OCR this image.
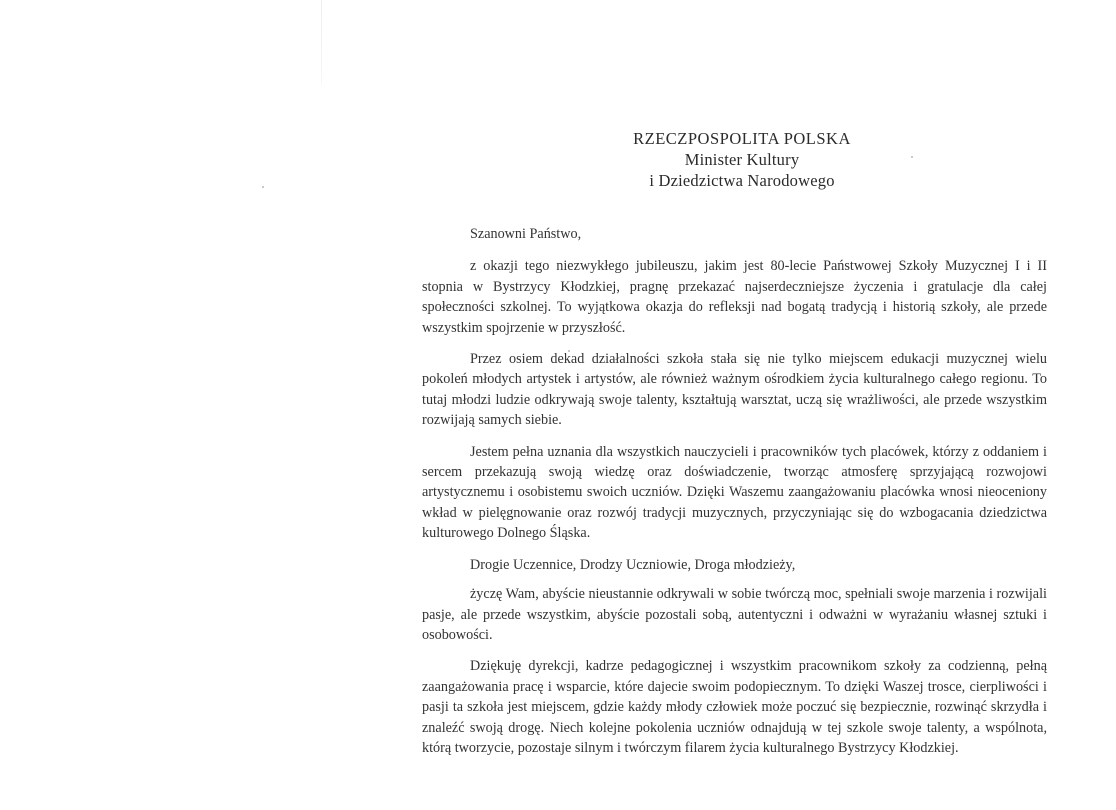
RZECZPOSPOLITA POLSKA
Minister Kultury
i Dziedzictwa Narodowego

Szanowni Państwo,

z okazji tego niezwykłego jubileuszu, jakim jest 80-lecie Państwowej Szkoły Muzycznej I i II stopnia w Bystrzycy Kłodzkiej, pragnę przekazać najserdeczniejsze życzenia i gratulacje dla całej społeczności szkolnej. To wyjątkowa okazja do refleksji nad bogatą tradycją i historią szkoły, ale przede wszystkim spojrzenie w przyszłość.

Przez osiem dekad działalności szkoła stała się nie tylko miejscem edukacji muzycznej wielu pokoleń młodych artystek i artystów, ale również ważnym ośrodkiem życia kulturalnego całego regionu. To tutaj młodzi ludzie odkrywają swoje talenty, kształtują warsztat, uczą się wrażliwości, ale przede wszystkim rozwijają samych siebie.

Jestem pełna uznania dla wszystkich nauczycieli i pracowników tych placówek, którzy z oddaniem i sercem przekazują swoją wiedzę oraz doświadczenie, tworząc atmosferę sprzyjającą rozwojowi artystycznemu i osobistemu swoich uczniów. Dzięki Waszemu zaangażowaniu placówka wnosi nieoceniony wkład w pielęgnowanie oraz rozwój tradycji muzycznych, przyczyniając się do wzbogacania dziedzictwa kulturowego Dolnego Śląska.

Drogie Uczennice, Drodzy Uczniowie, Droga młodzieży,

życzę Wam, abyście nieustannie odkrywali w sobie twórczą moc, spełniali swoje marzenia i rozwijali pasje, ale przede wszystkim, abyście pozostali sobą, autentyczni i odważni w wyrażaniu własnej sztuki i osobowości.

Dziękuję dyrekcji, kadrze pedagogicznej i wszystkim pracownikom szkoły za codzienną, pełną zaangażowania pracę i wsparcie, które dajecie swoim podopiecznym. To dzięki Waszej trosce, cierpliwości i pasji ta szkoła jest miejscem, gdzie każdy młody człowiek może poczuć się bezpiecznie, rozwinąć skrzydła i znaleźć swoją drogę. Niech kolejne pokolenia uczniów odnajdują w tej szkole swoje talenty, a wspólnota, którą tworzycie, pozostaje silnym i twórczym filarem życia kulturalnego Bystrzycy Kłodzkiej.
